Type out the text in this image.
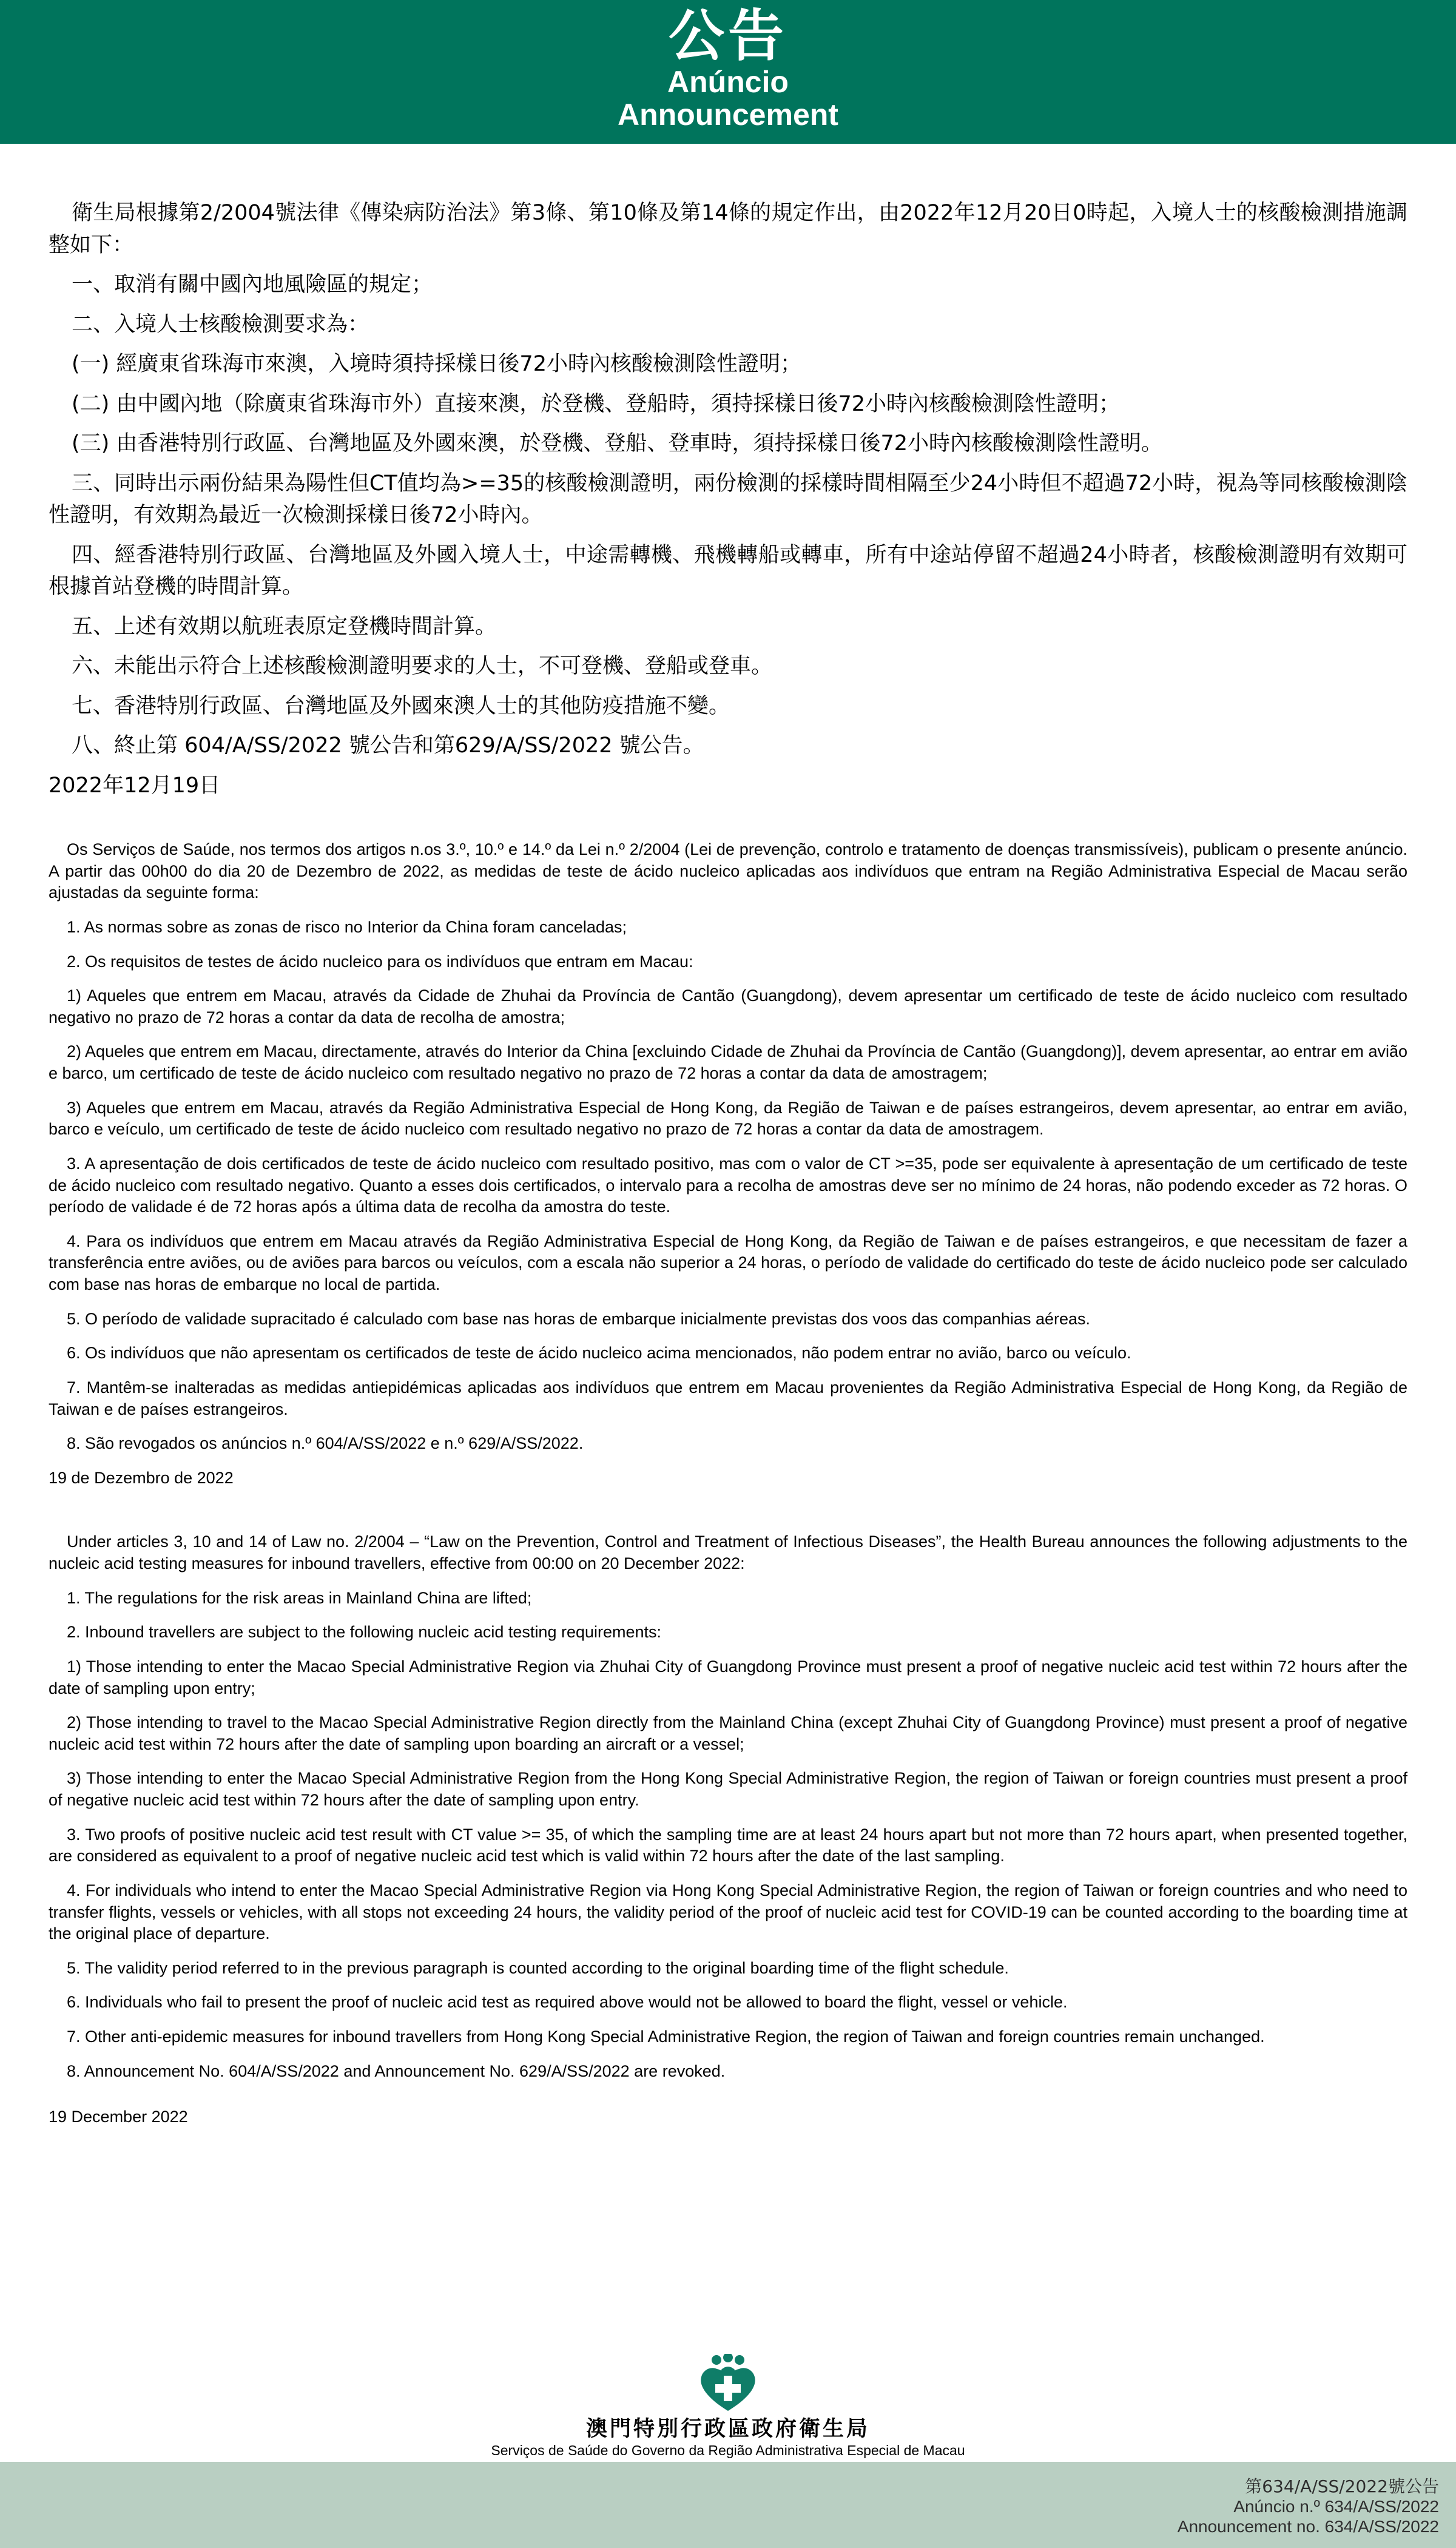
公告
Anúncio
Announcement

衛生局根據第2/2004號法律《傳染病防治法》第3條、第10條及第14條的規定作出，由2022年12月20日0時起，入境人士的核酸檢測措施調整如下：

一、取消有關中國內地風險區的規定；

二、入境人士核酸檢測要求為：

(一) 經廣東省珠海市來澳，入境時須持採樣日後72小時內核酸檢測陰性證明；

(二) 由中國內地（除廣東省珠海市外）直接來澳，於登機、登船時，須持採樣日後72小時內核酸檢測陰性證明；

(三) 由香港特別行政區、台灣地區及外國來澳，於登機、登船、登車時，須持採樣日後72小時內核酸檢測陰性證明。

三、同時出示兩份結果為陽性但CT值均為>=35的核酸檢測證明，兩份檢測的採樣時間相隔至少24小時但不超過72小時，視為等同核酸檢測陰性證明，有效期為最近一次檢測採樣日後72小時內。

四、經香港特別行政區、台灣地區及外國入境人士，中途需轉機、飛機轉船或轉車，所有中途站停留不超過24小時者，核酸檢測證明有效期可根據首站登機的時間計算。

五、上述有效期以航班表原定登機時間計算。

六、未能出示符合上述核酸檢測證明要求的人士，不可登機、登船或登車。

七、香港特別行政區、台灣地區及外國來澳人士的其他防疫措施不變。

八、終止第 604/A/SS/2022 號公告和第629/A/SS/2022 號公告。

2022年12月19日

Os Serviços de Saúde, nos termos dos artigos n.os 3.º, 10.º e 14.º da Lei n.º 2/2004 (Lei de prevenção, controlo e tratamento de doenças transmissíveis), publicam o presente anúncio. A partir das 00h00 do dia 20 de Dezembro de 2022, as medidas de teste de ácido nucleico aplicadas aos indivíduos que entram na Região Administrativa Especial de Macau serão ajustadas da seguinte forma:

1. As normas sobre as zonas de risco no Interior da China foram canceladas;

2. Os requisitos de testes de ácido nucleico para os indivíduos que entram em Macau:

1) Aqueles que entrem em Macau, através da Cidade de Zhuhai da Província de Cantão (Guangdong), devem apresentar um certificado de teste de ácido nucleico com resultado negativo no prazo de 72 horas a contar da data de recolha de amostra;

2) Aqueles que entrem em Macau, directamente, através do Interior da China [excluindo Cidade de Zhuhai da Província de Cantão (Guangdong)], devem apresentar, ao entrar em avião e barco, um certificado de teste de ácido nucleico com resultado negativo no prazo de 72 horas a contar da data de amostragem;

3) Aqueles que entrem em Macau, através da Região Administrativa Especial de Hong Kong, da Região de Taiwan e de países estrangeiros, devem apresentar, ao entrar em avião, barco e veículo, um certificado de teste de ácido nucleico com resultado negativo no prazo de 72 horas a contar da data de amostragem.

3. A apresentação de dois certificados de teste de ácido nucleico com resultado positivo, mas com o valor de CT >=35, pode ser equivalente à apresentação de um certificado de teste de ácido nucleico com resultado negativo. Quanto a esses dois certificados, o intervalo para a recolha de amostras deve ser no mínimo de 24 horas, não podendo exceder as 72 horas. O período de validade é de 72 horas após a última data de recolha da amostra do teste.

4. Para os indivíduos que entrem em Macau através da Região Administrativa Especial de Hong Kong, da Região de Taiwan e de países estrangeiros, e que necessitam de fazer a transferência entre aviões, ou de aviões para barcos ou veículos, com a escala não superior a 24 horas, o período de validade do certificado do teste de ácido nucleico pode ser calculado com base nas horas de embarque no local de partida.

5. O período de validade supracitado é calculado com base nas horas de embarque inicialmente previstas dos voos das companhias aéreas.

6. Os indivíduos que não apresentam os certificados de teste de ácido nucleico acima mencionados, não podem entrar no avião, barco ou veículo.

7. Mantêm-se inalteradas as medidas antiepidémicas aplicadas aos indivíduos que entrem em Macau provenientes da Região Administrativa Especial de Hong Kong, da Região de Taiwan e de países estrangeiros.

8. São revogados os anúncios n.º 604/A/SS/2022 e n.º 629/A/SS/2022.

19 de Dezembro de 2022

Under articles 3, 10 and 14 of Law no. 2/2004 – “Law on the Prevention, Control and Treatment of Infectious Diseases”, the Health Bureau announces the following adjustments to the nucleic acid testing measures for inbound travellers, effective from 00:00 on 20 December 2022:

1. The regulations for the risk areas in Mainland China are lifted;

2. Inbound travellers are subject to the following nucleic acid testing requirements:

1) Those intending to enter the Macao Special Administrative Region via Zhuhai City of Guangdong Province must present a proof of negative nucleic acid test within 72 hours after the date of sampling upon entry;

2) Those intending to travel to the Macao Special Administrative Region directly from the Mainland China (except Zhuhai City of Guangdong Province) must present a proof of negative nucleic acid test within 72 hours after the date of sampling upon boarding an aircraft or a vessel;

3) Those intending to enter the Macao Special Administrative Region from the Hong Kong Special Administrative Region, the region of Taiwan or foreign countries must present a proof of negative nucleic acid test within 72 hours after the date of sampling upon entry.

3. Two proofs of positive nucleic acid test result with CT value >= 35, of which the sampling time are at least 24 hours apart but not more than 72 hours apart, when presented together, are considered as equivalent to a proof of negative nucleic acid test which is valid within 72 hours after the date of the last sampling.

4. For individuals who intend to enter the Macao Special Administrative Region via Hong Kong Special Administrative Region, the region of Taiwan or foreign countries and who need to transfer flights, vessels or vehicles, with all stops not exceeding 24 hours, the validity period of the proof of nucleic acid test for COVID-19 can be counted according to the boarding time at the original place of departure.

5. The validity period referred to in the previous paragraph is counted according to the original boarding time of the flight schedule.

6. Individuals who fail to present the proof of nucleic acid test as required above would not be allowed to board the flight, vessel or vehicle.

7. Other anti-epidemic measures for inbound travellers from Hong Kong Special Administrative Region, the region of Taiwan and foreign countries remain unchanged.

8. Announcement No. 604/A/SS/2022 and Announcement No. 629/A/SS/2022 are revoked.

19 December 2022

澳門特別行政區政府衛生局
Serviços de Saúde do Governo da Região Administrativa Especial de Macau
第634/A/SS/2022號公告
Anúncio n.º 634/A/SS/2022
Announcement no. 634/A/SS/2022
